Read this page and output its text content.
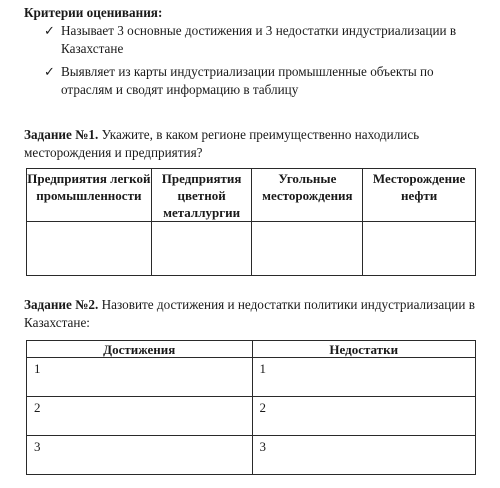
Критерии оценивания:
✓ Называет 3 основные достижения и 3 недостатки индустриализации в Казахстане
✓ Выявляет из карты индустриализации промышленные объекты по отраслям и сводят информацию в таблицу
Задание №1. Укажите, в каком регионе преимущественно находились месторождения и предприятия?
Предприятия легкой промышленности	Предприятия цветной металлургии	Угольные месторождения	Месторождение нефти

Задание №2. Назовите достижения и недостатки политики индустриализации в Казахстане:
Достижения	Недостатки
1	1
2	2
3	3
